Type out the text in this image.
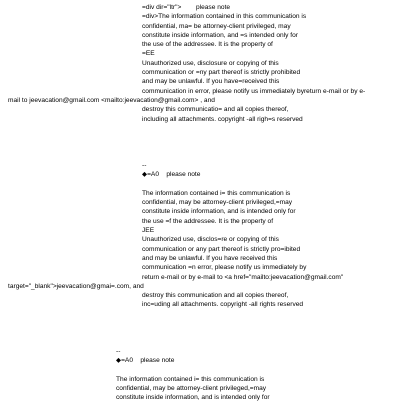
=div dir="ltr">        please note
=div>The information contained in this communication is
confidential, ma= be attorney-client privileged, may
constitute inside information, and =s intended only for
the use of the addressee. It is the property of
=EE
Unauthorized use, disclosure or copying of this
communication or =ny part thereof is strictly prohibited
and may be unlawful. If you have=received this
communication in error, please notify us immediately byreturn e-mail or by e-
mail to jeevacation@gmail.com <mailto:jeevacation@gmail.com> , and
destroy this communicatio= and all copies thereof,
including all attachments. copyright -all righ=s reserved
--
◆=A0    please note
The information contained i= this communication is
confidential, may be attorney-client privileged,=may
constitute inside information, and is intended only for
the use =f the addressee. It is the property of
JEE
Unauthorized use, disclos=re or copying of this
communication or any part thereof is strictly pro=ibited
and may be unlawful. If you have received this
communication =n error, please notify us immediately by
return e-mail or by e-mail to <a href="mailto:jeevacation@gmail.com"
target="_blank">jeevacation@gmai=.com, and
destroy this communication and all copies thereof,
inc=uding all attachments. copyright -all rights reserved
--
◆=A0    please note
The information contained i= this communication is
confidential, may be attorney-client privileged,=may
constitute inside information, and is intended only for
